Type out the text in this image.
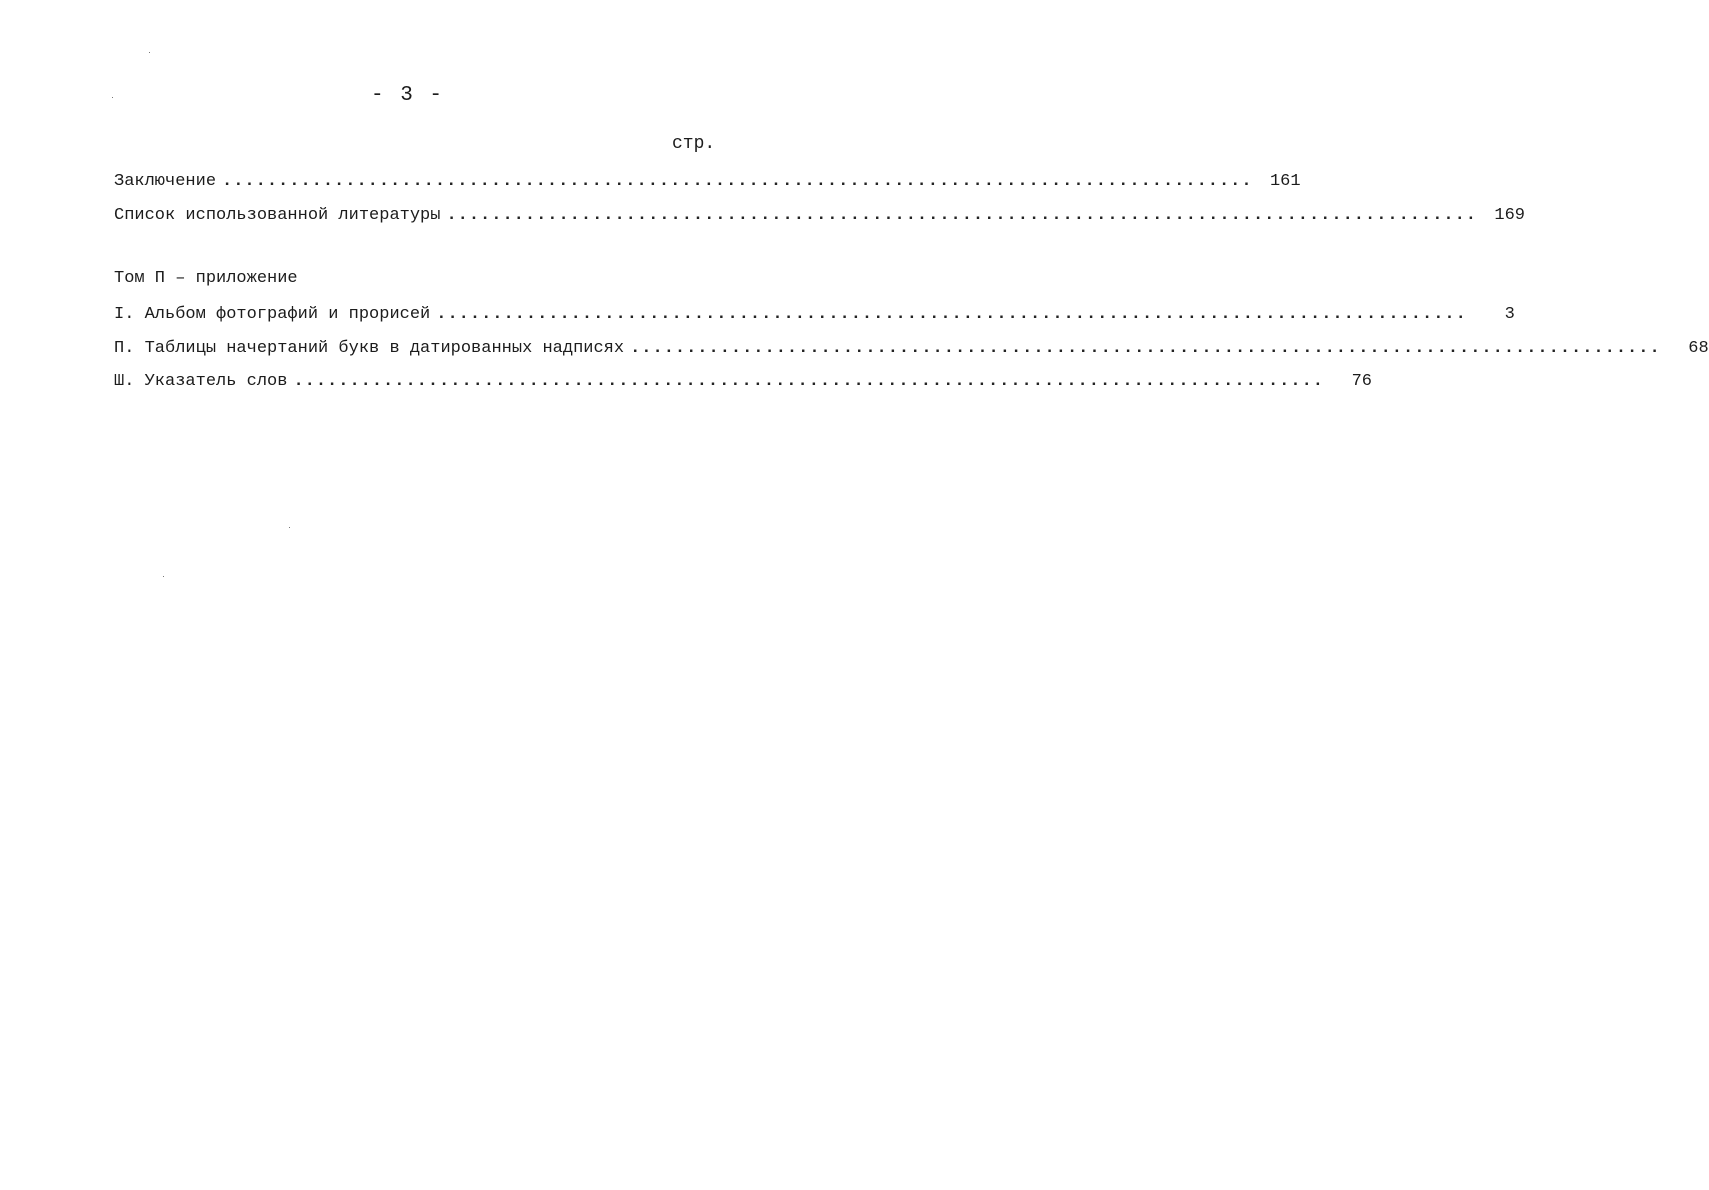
- 3 -
стр.
Заключение ............................................................................................	161
Список использованной литературы ............................................................................................	169
Том П – приложение
I. Альбом фотографий и прорисей ............................................................................................	3
П. Таблицы начертаний букв в датированных надписях ............................................................................................	68
Ш. Указатель слов ............................................................................................	76
